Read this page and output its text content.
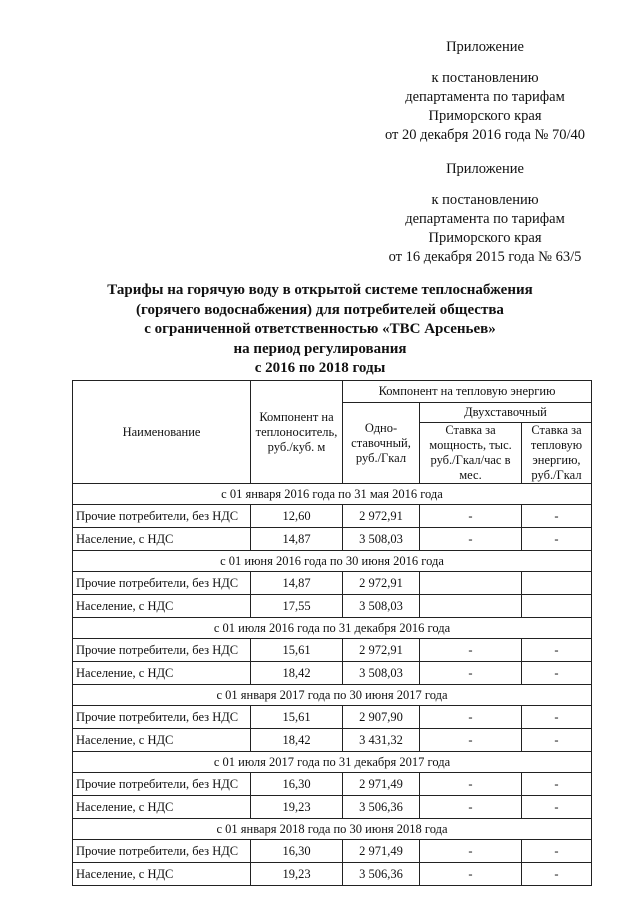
Приложение
к постановлению
департамента по тарифам
Приморского края
от 20 декабря 2016 года № 70/40
Приложение
к постановлению
департамента по тарифам
Приморского края
от 16 декабря 2015 года № 63/5
Тарифы на горячую воду в открытой системе теплоснабжения
(горячего водоснабжения) для потребителей общества
с ограниченной ответственностью «ТВС Арсеньев»
на период регулирования
с 2016 по 2018 годы
Наименование	Компонент на теплоноситель, руб./куб. м	Компонент на тепловую энергию		
		Одно-ставочный, руб./Гкал	Двухставочный	
			Ставка за мощность, тыс. руб./Гкал/час в мес.	Ставка за тепловую энергию, руб./Гкал
с 01 января 2016 года по 31 мая 2016 года				
Прочие потребители, без НДС	12,60	2 972,91	-	-
Население, с НДС	14,87	3 508,03	-	-
с 01 июня 2016 года по 30 июня 2016 года				
Прочие потребители, без НДС	14,87	2 972,91		
Население, с НДС	17,55	3 508,03		
с 01 июля 2016 года по 31 декабря 2016 года				
Прочие потребители, без НДС	15,61	2 972,91	-	-
Население, с НДС	18,42	3 508,03	-	-
с 01 января 2017 года по 30 июня 2017 года				
Прочие потребители, без НДС	15,61	2 907,90	-	-
Население, с НДС	18,42	3 431,32	-	-
с 01 июля 2017 года по 31 декабря 2017 года				
Прочие потребители, без НДС	16,30	2 971,49	-	-
Население, с НДС	19,23	3 506,36	-	-
с 01 января 2018 года по 30 июня 2018 года				
Прочие потребители, без НДС	16,30	2 971,49	-	-
Население, с НДС	19,23	3 506,36	-	-
